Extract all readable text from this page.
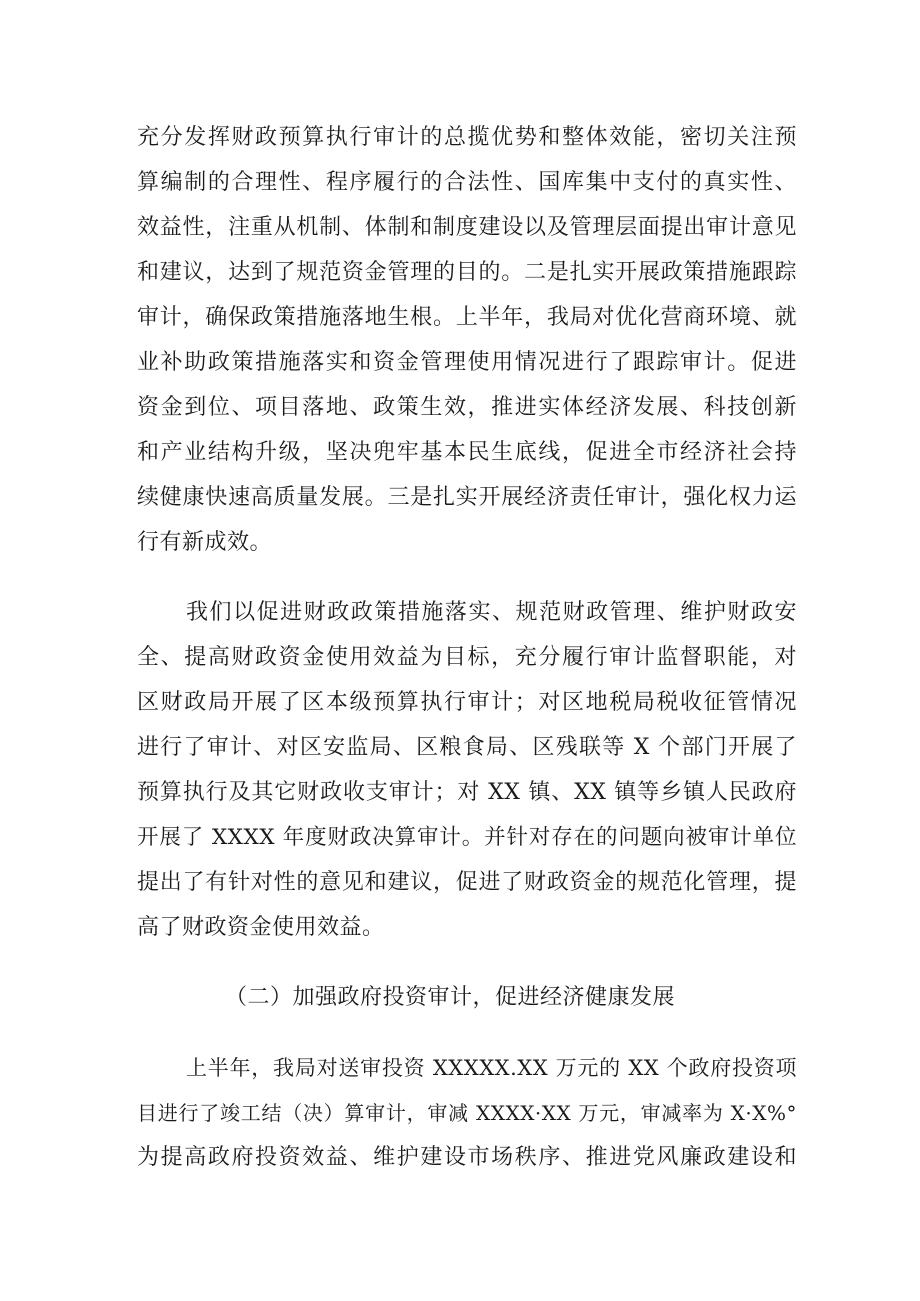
充分发挥财政预算执行审计的总揽优势和整体效能，密切关注预
算编制的合理性、程序履行的合法性、国库集中支付的真实性、
效益性，注重从机制、体制和制度建设以及管理层面提出审计意见
和建议，达到了规范资金管理的目的。二是扎实开展政策措施跟踪
审计，确保政策措施落地生根。上半年，我局对优化营商环境、就
业补助政策措施落实和资金管理使用情况进行了跟踪审计。促进
资金到位、项目落地、政策生效，推进实体经济发展、科技创新
和产业结构升级，坚决兜牢基本民生底线，促进全市经济社会持
续健康快速高质量发展。三是扎实开展经济责任审计，强化权力运
行有新成效。
我们以促进财政政策措施落实、规范财政管理、维护财政安
全、提高财政资金使用效益为目标，充分履行审计监督职能，对
区财政局开展了区本级预算执行审计；对区地税局税收征管情况
进行了审计、对区安监局、区粮食局、区残联等 X 个部门开展了
预算执行及其它财政收支审计；对 XX 镇、XX 镇等乡镇人民政府
开展了 XXXX 年度财政决算审计。并针对存在的问题向被审计单位
提出了有针对性的意见和建议，促进了财政资金的规范化管理，提
高了财政资金使用效益。
（二）加强政府投资审计，促进经济健康发展
上半年，我局对送审投资 XXXXX.XX 万元的 XX 个政府投资项
目进行了竣工结（决）算审计，审减 XXXX·XX 万元，审减率为 X·X%°
为提高政府投资效益、维护建设市场秩序、推进党风廉政建设和
